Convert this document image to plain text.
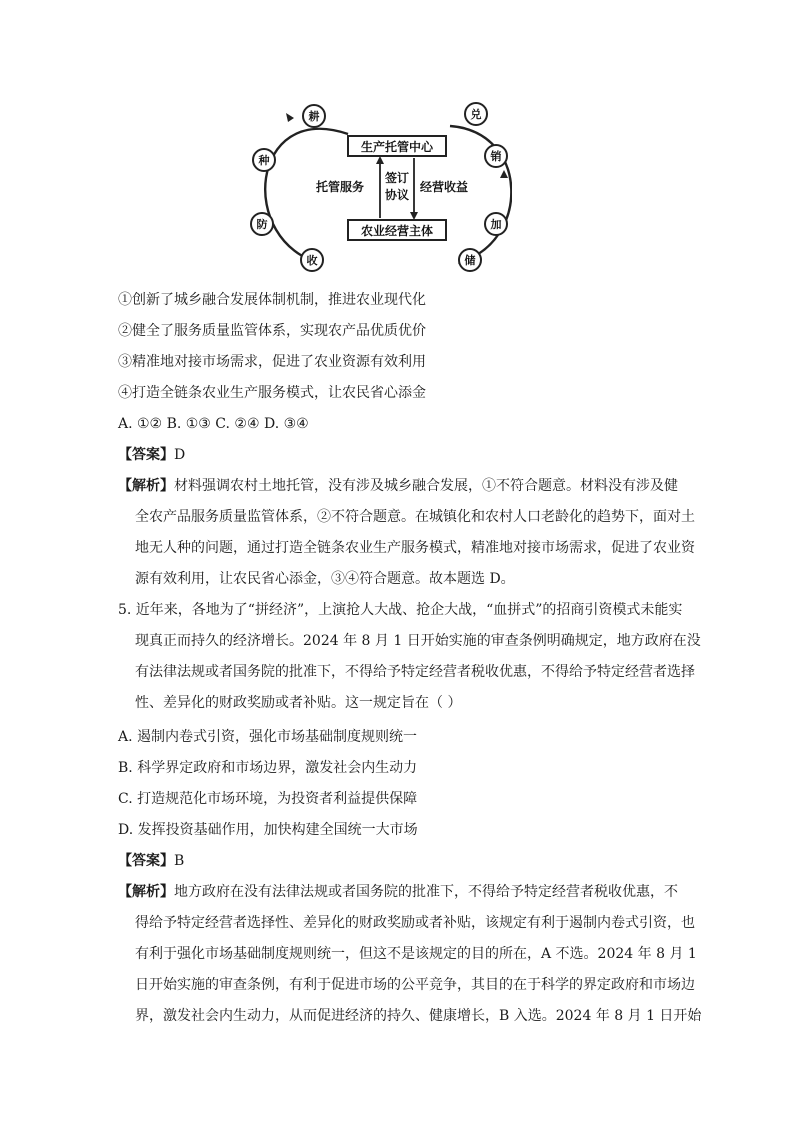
生产托管中心
农业经营主体
托管服务	经营收益
签订
协议
耕
种
防
收
兑
销
加
储
①创新了城乡融合发展体制机制，推进农业现代化
②健全了服务质量监管体系，实现农产品优质优价
③精准地对接市场需求，促进了农业资源有效利用
④打造全链条农业生产服务模式，让农民省心添金
A. ①② B. ①③ C. ②④ D. ③④
【答案】D
【解析】材料强调农村土地托管，没有涉及城乡融合发展，①不符合题意。材料没有涉及健
全农产品服务质量监管体系，②不符合题意。在城镇化和农村人口老龄化的趋势下，面对土
地无人种的问题，通过打造全链条农业生产服务模式，精准地对接市场需求，促进了农业资
源有效利用，让农民省心添金，③④符合题意。故本题选 D。
5. 近年来，各地为了“拼经济”，上演抢人大战、抢企大战，“血拼式”的招商引资模式未能实
现真正而持久的经济增长。2024 年 8 月 1 日开始实施的审查条例明确规定，地方政府在没
有法律法规或者国务院的批准下，不得给予特定经营者税收优惠，不得给予特定经营者选择
性、差异化的财政奖励或者补贴。这一规定旨在（ ）
A. 遏制内卷式引资，强化市场基础制度规则统一
B. 科学界定政府和市场边界，激发社会内生动力
C. 打造规范化市场环境，为投资者利益提供保障
D. 发挥投资基础作用，加快构建全国统一大市场
【答案】B
【解析】地方政府在没有法律法规或者国务院的批准下，不得给予特定经营者税收优惠，不
得给予特定经营者选择性、差异化的财政奖励或者补贴，该规定有利于遏制内卷式引资，也
有利于强化市场基础制度规则统一，但这不是该规定的目的所在，A 不选。2024 年 8 月 1
日开始实施的审查条例，有利于促进市场的公平竞争，其目的在于科学的界定政府和市场边
界，激发社会内生动力，从而促进经济的持久、健康增长，B 入选。2024 年 8 月 1 日开始
